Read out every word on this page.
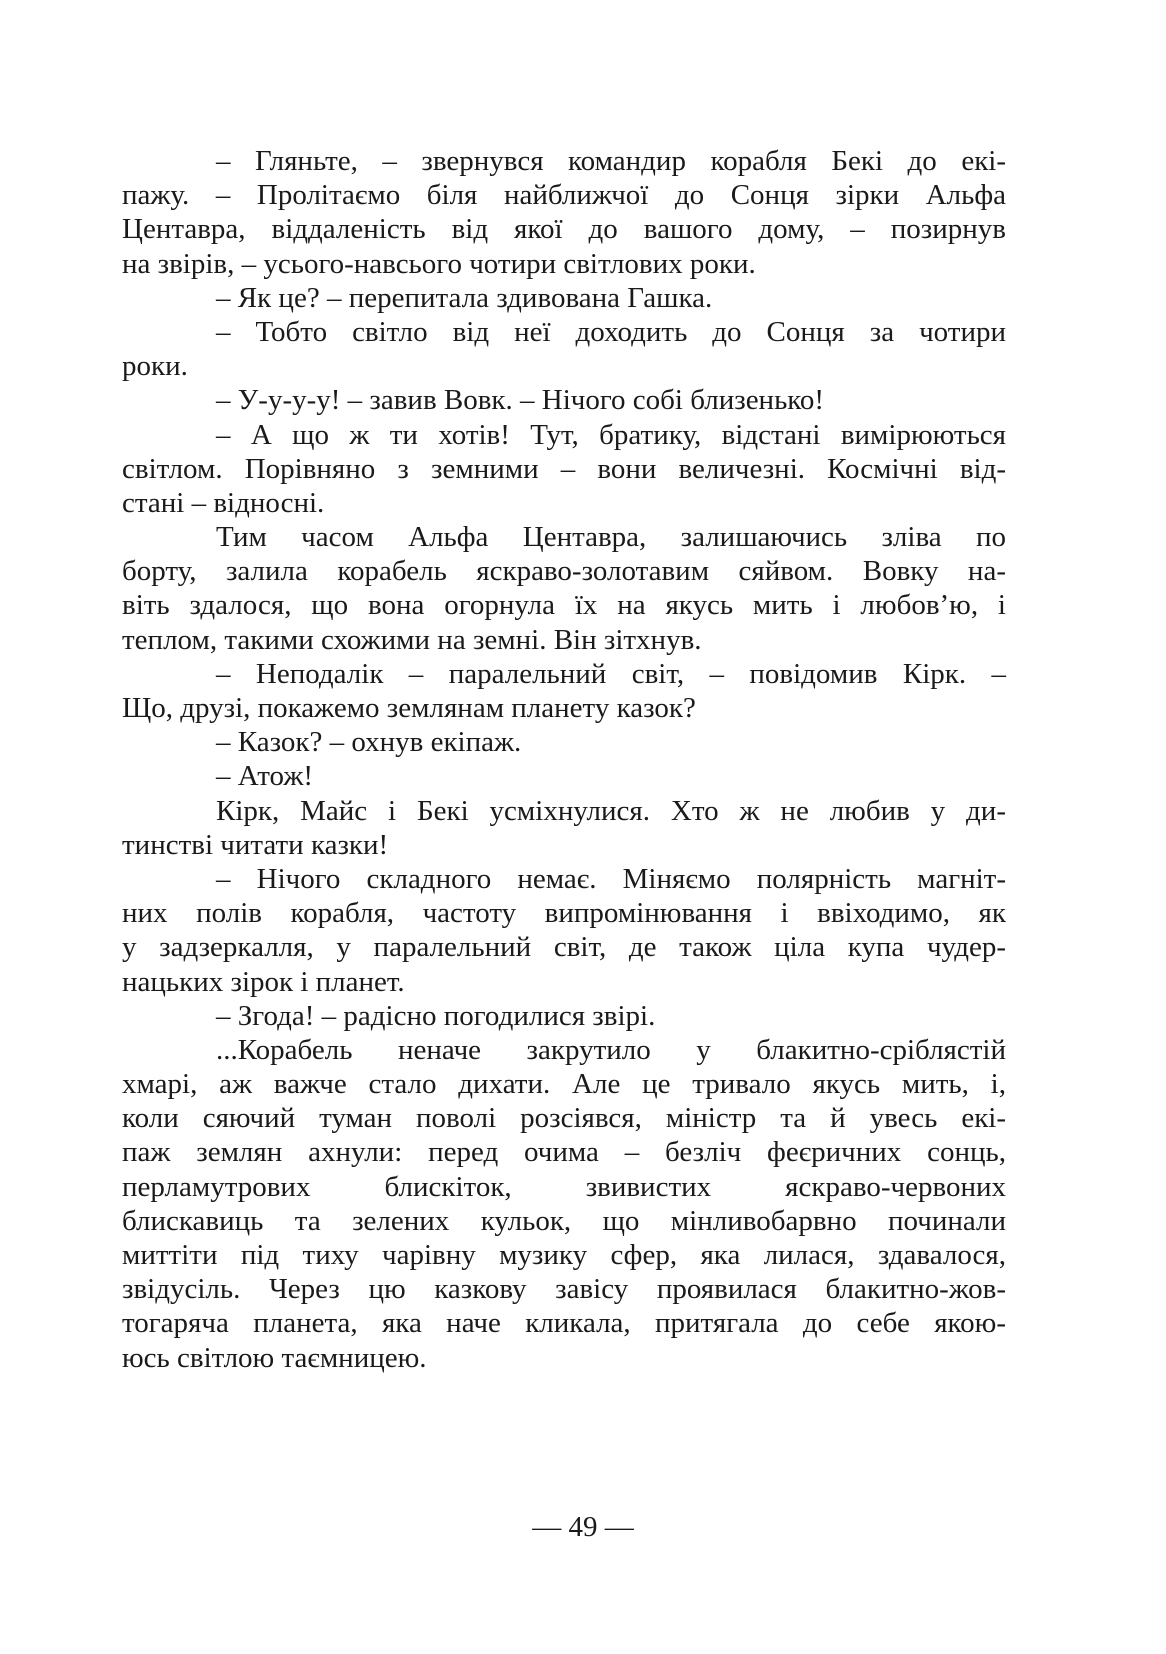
– Гляньте, – звернувся командир корабля Бекі до екі-
пажу. – Пролітаємо біля найближчої до Сонця зірки Альфа
Центавра, віддаленість від якої до вашого дому, – позирнув
на звірів, – усього-навсього чотири світлових роки.
– Як це? – перепитала здивована Гашка.
– Тобто світло від неї доходить до Сонця за чотири
роки.
– У-у-у-у! – завив Вовк. – Нічого собі близенько!
– А що ж ти хотів! Тут, братику, відстані вимірюються
світлом. Порівняно з земними – вони величезні. Космічні від-
стані – відносні.
Тим часом Альфа Центавра, залишаючись зліва по
борту, залила корабель яскраво-золотавим сяйвом. Вовку на-
віть здалося, що вона огорнула їх на якусь мить і любов’ю, і
теплом, такими схожими на земні. Він зітхнув.
– Неподалік – паралельний світ, – повідомив Кірк. –
Що, друзі, покажемо землянам планету казок?
– Казок? – охнув екіпаж.
– Атож!
Кірк, Майс і Бекі усміхнулися. Хто ж не любив у ди-
тинстві читати казки!
– Нічого складного немає. Міняємо полярність магніт-
них полів корабля, частоту випромінювання і ввіходимо, як
у задзеркалля, у паралельний світ, де також ціла купа чудер-
нацьких зірок і планет.
– Згода! – радісно погодилися звірі.
...Корабель неначе закрутило у блакитно-сріблястій
хмарі, аж важче стало дихати. Але це тривало якусь мить, і,
коли сяючий туман поволі розсіявся, міністр та й увесь екі-
паж землян ахнули: перед очима – безліч феєричних сонць,
перламутрових блискіток, звивистих яскраво-червоних
блискавиць та зелених кульок, що мінливобарвно починали
миттіти під тиху чарівну музику сфер, яка лилася, здавалося,
звідусіль. Через цю казкову завісу проявилася блакитно-жов-
тогаряча планета, яка наче кликала, притягала до себе якою-
юсь світлою таємницею.
— 49 —
